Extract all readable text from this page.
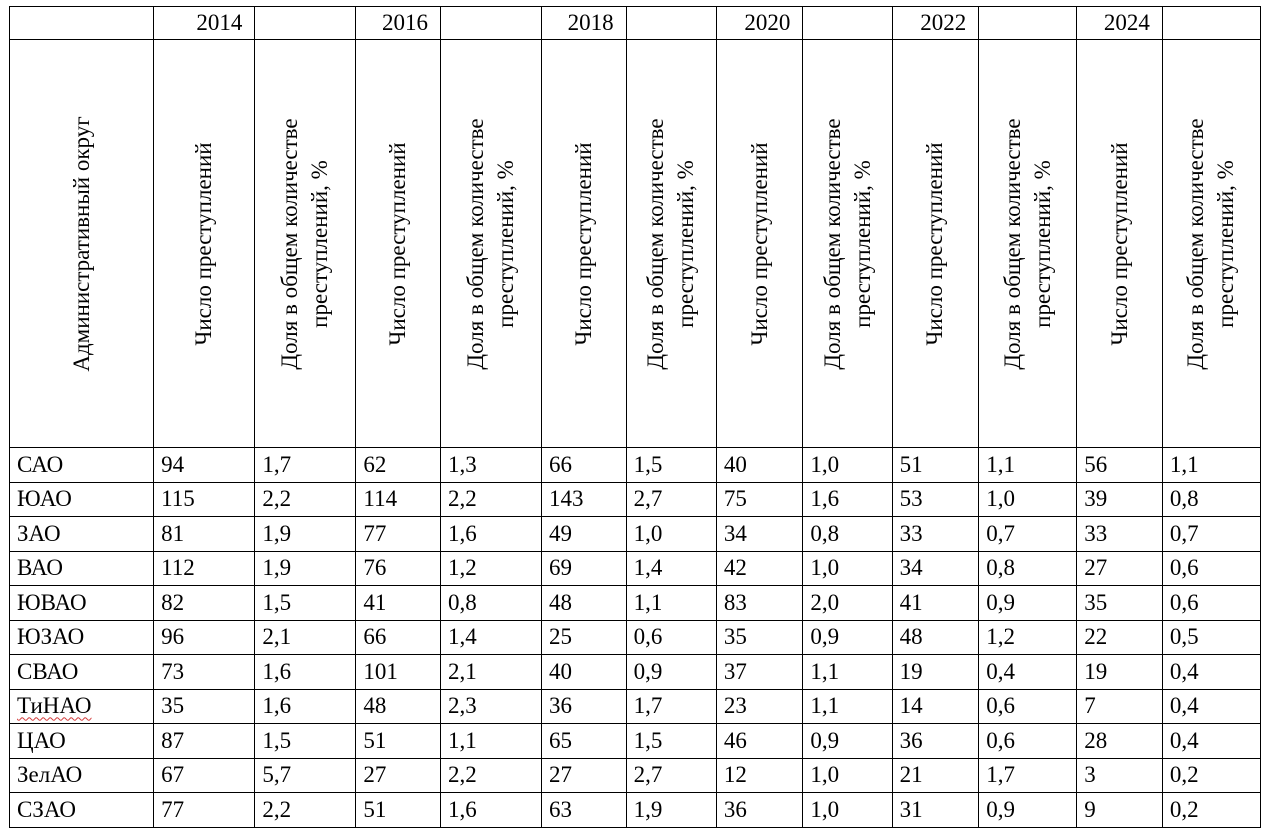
	2014		2016		2018		2020		2022		2024	

Административный округ	Число преступлений	Доля в общем количестве преступлений, %	Число преступлений	Доля в общем количестве преступлений, %	Число преступлений	Доля в общем количестве преступлений, %	Число преступлений	Доля в общем количестве преступлений, %	Число преступлений	Доля в общем количестве преступлений, %	Число преступлений	Доля в общем количестве преступлений, %

САО	94	1,7	62	1,3	66	1,5	40	1,0	51	1,1	56	1,1
ЮАО	115	2,2	114	2,2	143	2,7	75	1,6	53	1,0	39	0,8
ЗАО	81	1,9	77	1,6	49	1,0	34	0,8	33	0,7	33	0,7
ВАО	112	1,9	76	1,2	69	1,4	42	1,0	34	0,8	27	0,6
ЮВАО	82	1,5	41	0,8	48	1,1	83	2,0	41	0,9	35	0,6
ЮЗАО	96	2,1	66	1,4	25	0,6	35	0,9	48	1,2	22	0,5
СВАО	73	1,6	101	2,1	40	0,9	37	1,1	19	0,4	19	0,4
ТиНАО	35	1,6	48	2,3	36	1,7	23	1,1	14	0,6	7	0,4
ЦАО	87	1,5	51	1,1	65	1,5	46	0,9	36	0,6	28	0,4
ЗелАО	67	5,7	27	2,2	27	2,7	12	1,0	21	1,7	3	0,2
СЗАО	77	2,2	51	1,6	63	1,9	36	1,0	31	0,9	9	0,2
